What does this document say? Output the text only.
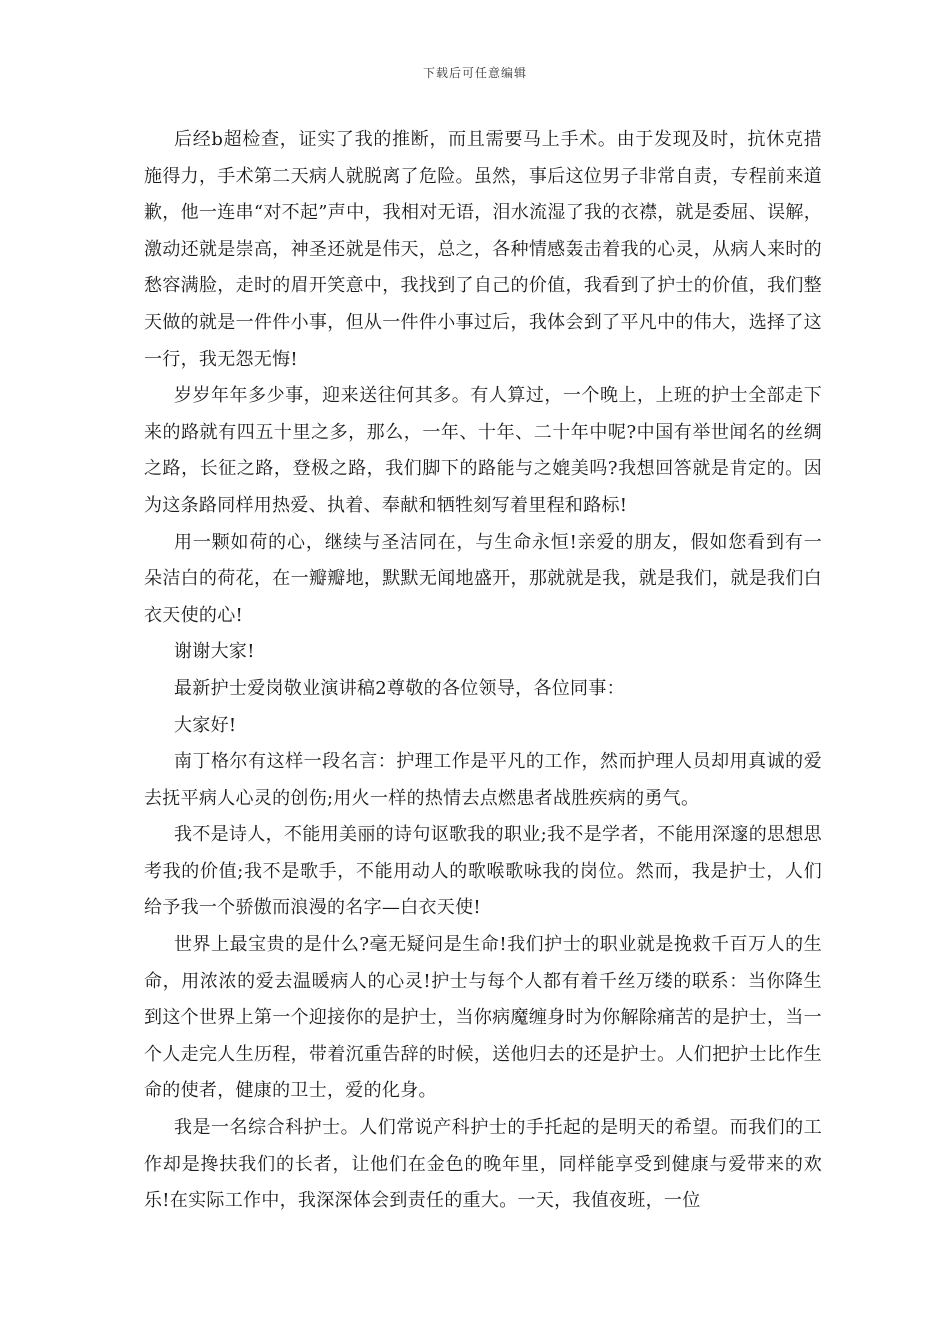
下载后可任意编辑

后经b超检查，证实了我的推断，而且需要马上手术。由于发现及时，抗休克措施得力，手术第二天病人就脱离了危险。虽然，事后这位男子非常自责，专程前来道歉，他一连串“对不起”声中，我相对无语，泪水流湿了我的衣襟，就是委屈、误解，激动还就是崇高，神圣还就是伟天，总之，各种情感轰击着我的心灵，从病人来时的愁容满脸，走时的眉开笑意中，我找到了自己的价值，我看到了护士的价值，我们整天做的就是一件件小事，但从一件件小事过后，我体会到了平凡中的伟大，选择了这一行，我无怨无悔!

岁岁年年多少事，迎来送往何其多。有人算过，一个晚上，上班的护士全部走下来的路就有四五十里之多，那么，一年、十年、二十年中呢?中国有举世闻名的丝绸之路，长征之路，登极之路，我们脚下的路能与之媲美吗?我想回答就是肯定的。因为这条路同样用热爱、执着、奉献和牺牲刻写着里程和路标!

用一颗如荷的心，继续与圣洁同在，与生命永恒!亲爱的朋友，假如您看到有一朵洁白的荷花，在一瓣瓣地，默默无闻地盛开，那就就是我，就是我们，就是我们白衣天使的心!

谢谢大家!

最新护士爱岗敬业演讲稿2尊敬的各位领导，各位同事：

大家好!

南丁格尔有这样一段名言：护理工作是平凡的工作，然而护理人员却用真诚的爱去抚平病人心灵的创伤;用火一样的热情去点燃患者战胜疾病的勇气。

我不是诗人，不能用美丽的诗句讴歌我的职业;我不是学者，不能用深邃的思想思考我的价值;我不是歌手，不能用动人的歌喉歌咏我的岗位。然而，我是护士，人们给予我一个骄傲而浪漫的名字—白衣天使!

世界上最宝贵的是什么?毫无疑问是生命!我们护士的职业就是挽救千百万人的生命，用浓浓的爱去温暖病人的心灵!护士与每个人都有着千丝万缕的联系：当你降生到这个世界上第一个迎接你的是护士，当你病魔缠身时为你解除痛苦的是护士，当一个人走完人生历程，带着沉重告辞的时候，送他归去的还是护士。人们把护士比作生命的使者，健康的卫士，爱的化身。

我是一名综合科护士。人们常说产科护士的手托起的是明天的希望。而我们的工作却是搀扶我们的长者，让他们在金色的晚年里，同样能享受到健康与爱带来的欢乐!在实际工作中，我深深体会到责任的重大。一天，我值夜班，一位
